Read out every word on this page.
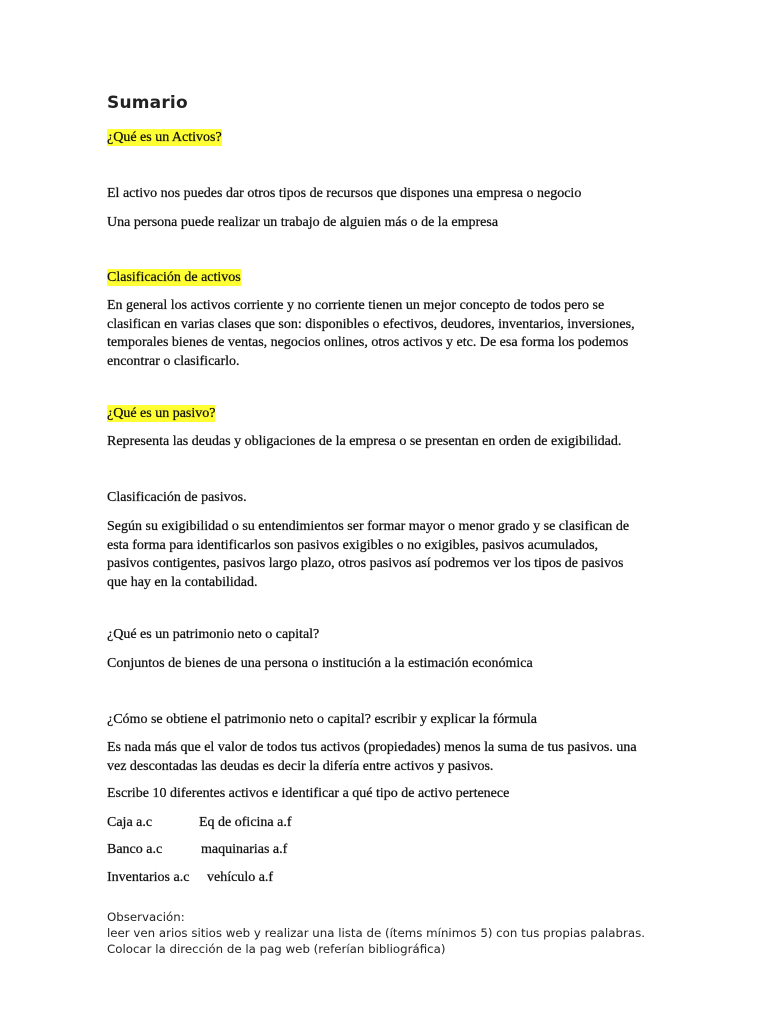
Sumario

¿Qué es un Activos?

El activo nos puedes dar otros tipos de recursos que dispones una empresa o negocio

Una persona puede realizar un trabajo de alguien más o de la empresa

Clasificación de activos

En general los activos corriente y no corriente tienen un mejor concepto de todos pero se
clasifican en varias clases que son: disponibles o efectivos, deudores, inventarios, inversiones,
temporales bienes de ventas, negocios onlines, otros activos y etc. De esa forma los podemos
encontrar o clasificarlo.

¿Qué es un pasivo?

Representa las deudas y obligaciones de la empresa o se presentan en orden de exigibilidad.

Clasificación de pasivos.

Según su exigibilidad o su entendimientos ser formar mayor o menor grado y se clasifican de
esta forma para identificarlos son pasivos exigibles o no exigibles, pasivos acumulados,
pasivos contigentes, pasivos largo plazo, otros pasivos así podremos ver los tipos de pasivos
que hay en la contabilidad.

¿Qué es un patrimonio neto o capital?

Conjuntos de bienes de una persona o institución a la estimación económica

¿Cómo se obtiene el patrimonio neto o capital? escribir y explicar la fórmula

Es nada más que el valor de todos tus activos (propiedades) menos la suma de tus pasivos. una
vez descontadas las deudas es decir la difería entre activos y pasivos.

Escribe 10 diferentes activos e identificar a qué tipo de activo pertenece

Caja a.c	Eq de oficina a.f
Banco a.c	maquinarias a.f
Inventarios a.c vehículo a.f
Observación:
leer ven arios sitios web y realizar una lista de (ítems mínimos 5) con tus propias palabras.
Colocar la dirección de la pag web (referían bibliográfica)
